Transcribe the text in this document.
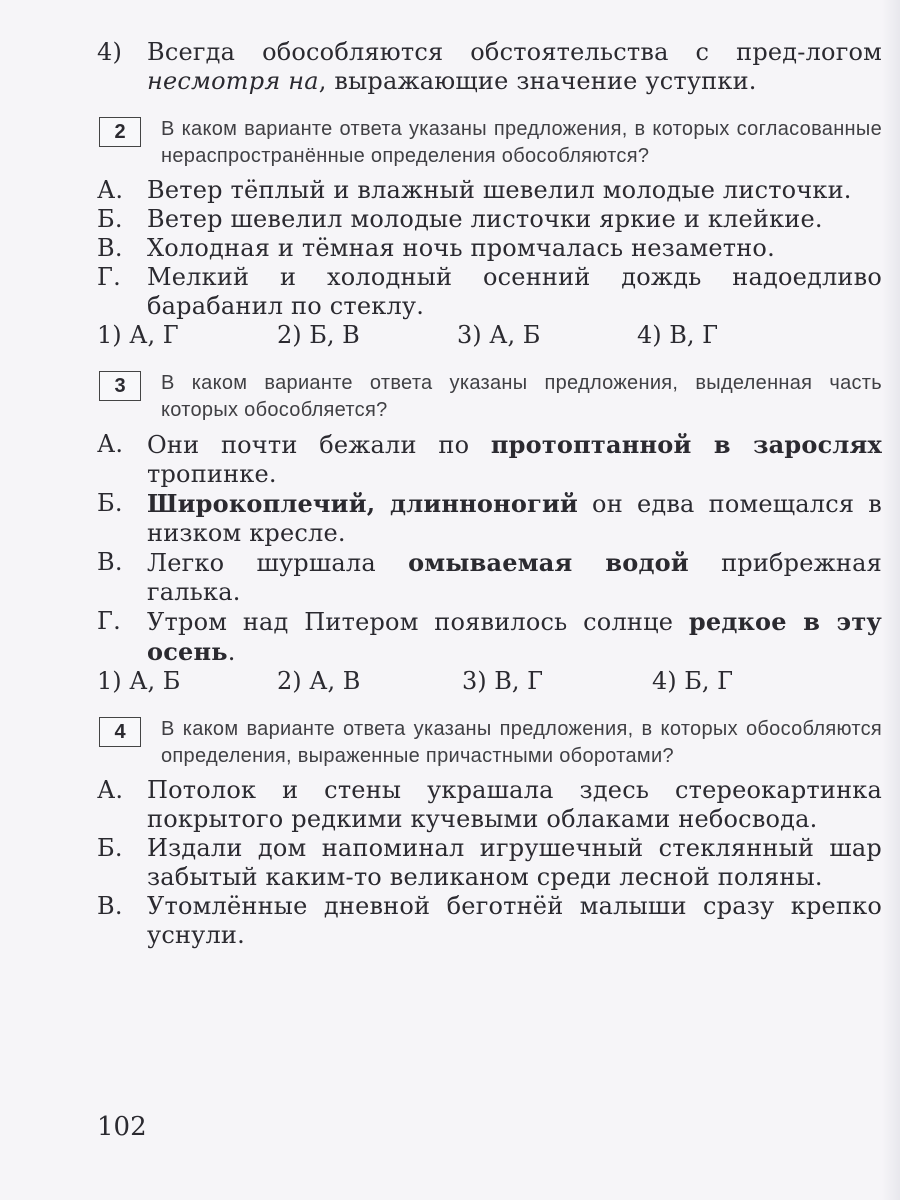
4)	Всегда обособляются обстоятельства с пред-логом несмотря на, выражающие значение уступки.
2	В каком варианте ответа указаны предложения, в которых согласованные нераспространённые определения обособляются?
А. Ветер тёплый и влажный шевелил молодые листочки.
Б.	Ветер шевелил молодые листочки яркие и клейкие.
В.	Холодная и тёмная ночь промчалась незаметно.
Г.	Мелкий и холодный осенний дождь надоедливо барабанил по стеклу.
1) А, Г	2) Б, В	3) А, Б	4) В, Г
3	В каком варианте ответа указаны предложения, выделенная часть которых обособляется?
А. Они почти бежали по протоптанной в зарослях тропинке.
Б.	Широкоплечий, длинноногий он едва помещался в низком кресле.
В.	Легко шуршала омываемая водой прибрежная галька.
Г.	Утром над Питером появилось солнце редкое в эту осень.
1) А, Б	2) А, В	3) В, Г	4) Б, Г
4	В каком варианте ответа указаны предложения, в которых обособляются определения, выраженные причастными оборотами?
А. Потолок и стены украшала здесь стереокартинка покрытого редкими кучевыми облаками небосвода.
Б.	Издали дом напоминал игрушечный стеклянный шар забытый каким-то великаном среди лесной поляны.
В.	Утомлённые дневной беготнёй малыши сразу крепко уснули.
102
